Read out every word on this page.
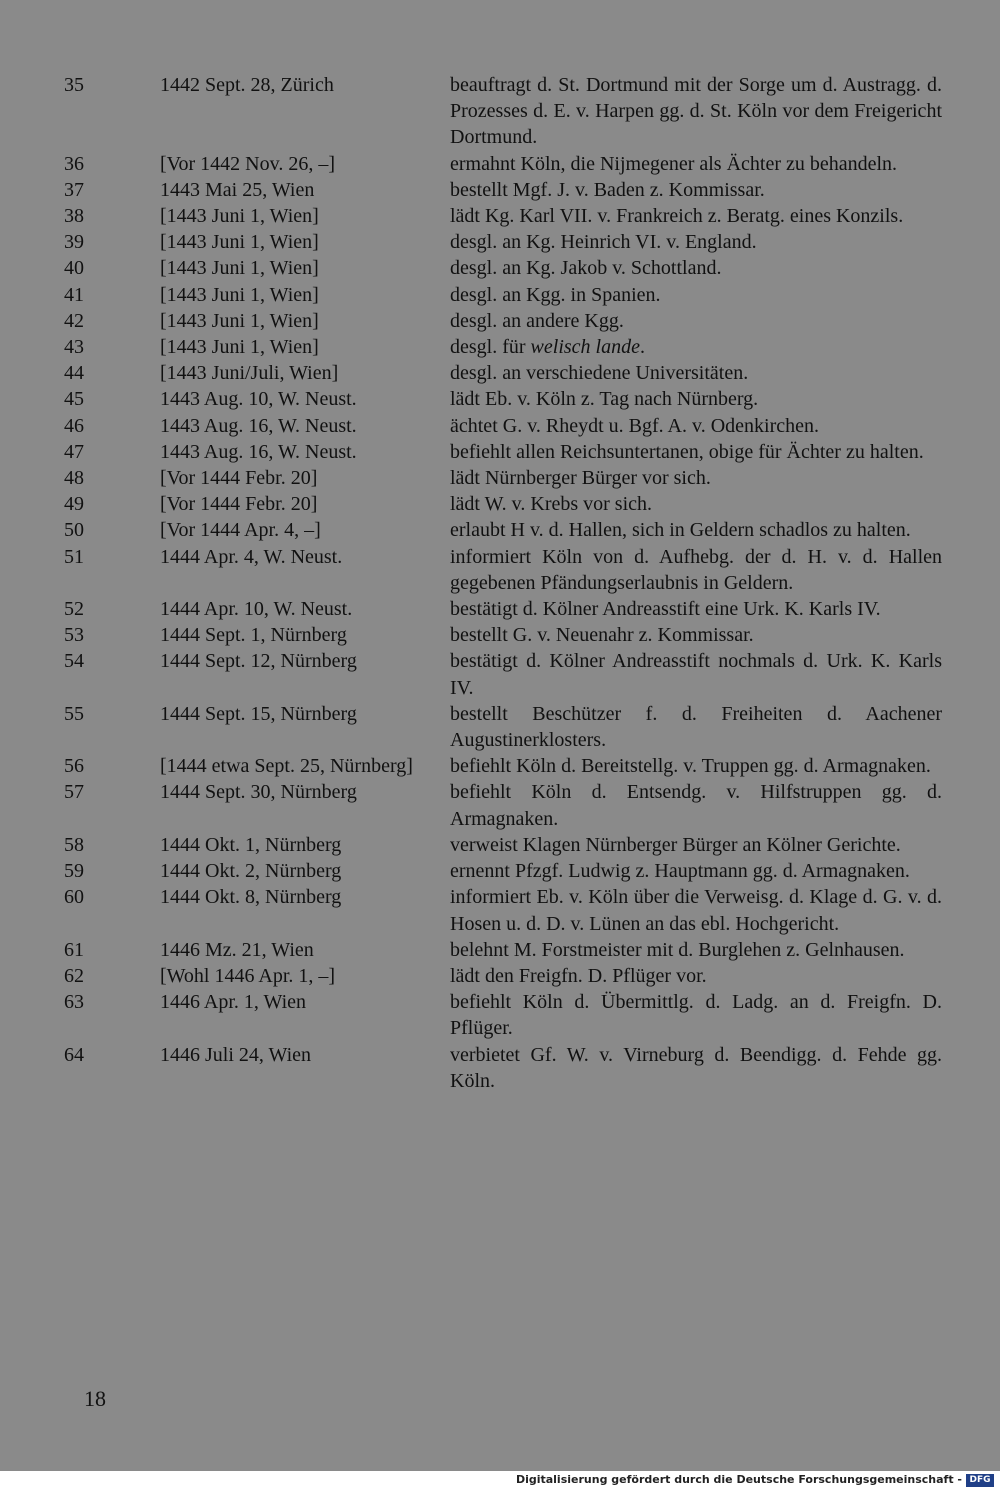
35	1442 Sept. 28, Zürich	beauftragt d. St. Dortmund mit der Sorge um d. Austragg. d. Prozesses d. E. v. Harpen gg. d. St. Köln vor dem Freigericht Dortmund.
36	[Vor 1442 Nov. 26, –]	ermahnt Köln, die Nijmegener als Ächter zu behandeln.
37	1443 Mai 25, Wien	bestellt Mgf. J. v. Baden z. Kommissar.
38	[1443 Juni 1, Wien]	lädt Kg. Karl VII. v. Frankreich z. Beratg. eines Konzils.
39	[1443 Juni 1, Wien]	desgl. an Kg. Heinrich VI. v. England.
40	[1443 Juni 1, Wien]	desgl. an Kg. Jakob v. Schottland.
41	[1443 Juni 1, Wien]	desgl. an Kgg. in Spanien.
42	[1443 Juni 1, Wien]	desgl. an andere Kgg.
43	[1443 Juni 1, Wien]	desgl. für welisch lande.
44	[1443 Juni/Juli, Wien]	desgl. an verschiedene Universitäten.
45	1443 Aug. 10, W. Neust.	lädt Eb. v. Köln z. Tag nach Nürnberg.
46	1443 Aug. 16, W. Neust.	ächtet G. v. Rheydt u. Bgf. A. v. Odenkirchen.
47	1443 Aug. 16, W. Neust.	befiehlt allen Reichsuntertanen, obige für Ächter zu halten.
48	[Vor 1444 Febr. 20]	lädt Nürnberger Bürger vor sich.
49	[Vor 1444 Febr. 20]	lädt W. v. Krebs vor sich.
50	[Vor 1444 Apr. 4, –]	erlaubt H v. d. Hallen, sich in Geldern schadlos zu halten.
51	1444 Apr. 4, W. Neust.	informiert Köln von d. Aufhebg. der d. H. v. d. Hallen gegebenen Pfändungserlaubnis in Geldern.
52	1444 Apr. 10, W. Neust.	bestätigt d. Kölner Andreasstift eine Urk. K. Karls IV.
53	1444 Sept. 1, Nürnberg	bestellt G. v. Neuenahr z. Kommissar.
54	1444 Sept. 12, Nürnberg	bestätigt d. Kölner Andreasstift nochmals d. Urk. K. Karls IV.
55	1444 Sept. 15, Nürnberg	bestellt Beschützer f. d. Freiheiten d. Aachener Augustinerklosters.
56	[1444 etwa Sept. 25, Nürnberg]	befiehlt Köln d. Bereitstellg. v. Truppen gg. d. Armagnaken.
57	1444 Sept. 30, Nürnberg	befiehlt Köln d. Entsendg. v. Hilfstruppen gg. d. Armagnaken.
58	1444 Okt. 1, Nürnberg	verweist Klagen Nürnberger Bürger an Kölner Gerichte.
59	1444 Okt. 2, Nürnberg	ernennt Pfzgf. Ludwig z. Hauptmann gg. d. Armagnaken.
60	1444 Okt. 8, Nürnberg	informiert Eb. v. Köln über die Verweisg. d. Klage d. G. v. d. Hosen u. d. D. v. Lünen an das ebl. Hochgericht.
61	1446 Mz. 21, Wien	belehnt M. Forstmeister mit d. Burglehen z. Gelnhausen.
62	[Wohl 1446 Apr. 1, –]	lädt den Freigfn. D. Pflüger vor.
63	1446 Apr. 1, Wien	befiehlt Köln d. Übermittlg. d. Ladg. an d. Freigfn. D. Pflüger.
64	1446 Juli 24, Wien	verbietet Gf. W. v. Virneburg d. Beendigg. d. Fehde gg. Köln.
18
Digitalisierung gefördert durch die Deutsche Forschungsgemeinschaft - DFG
